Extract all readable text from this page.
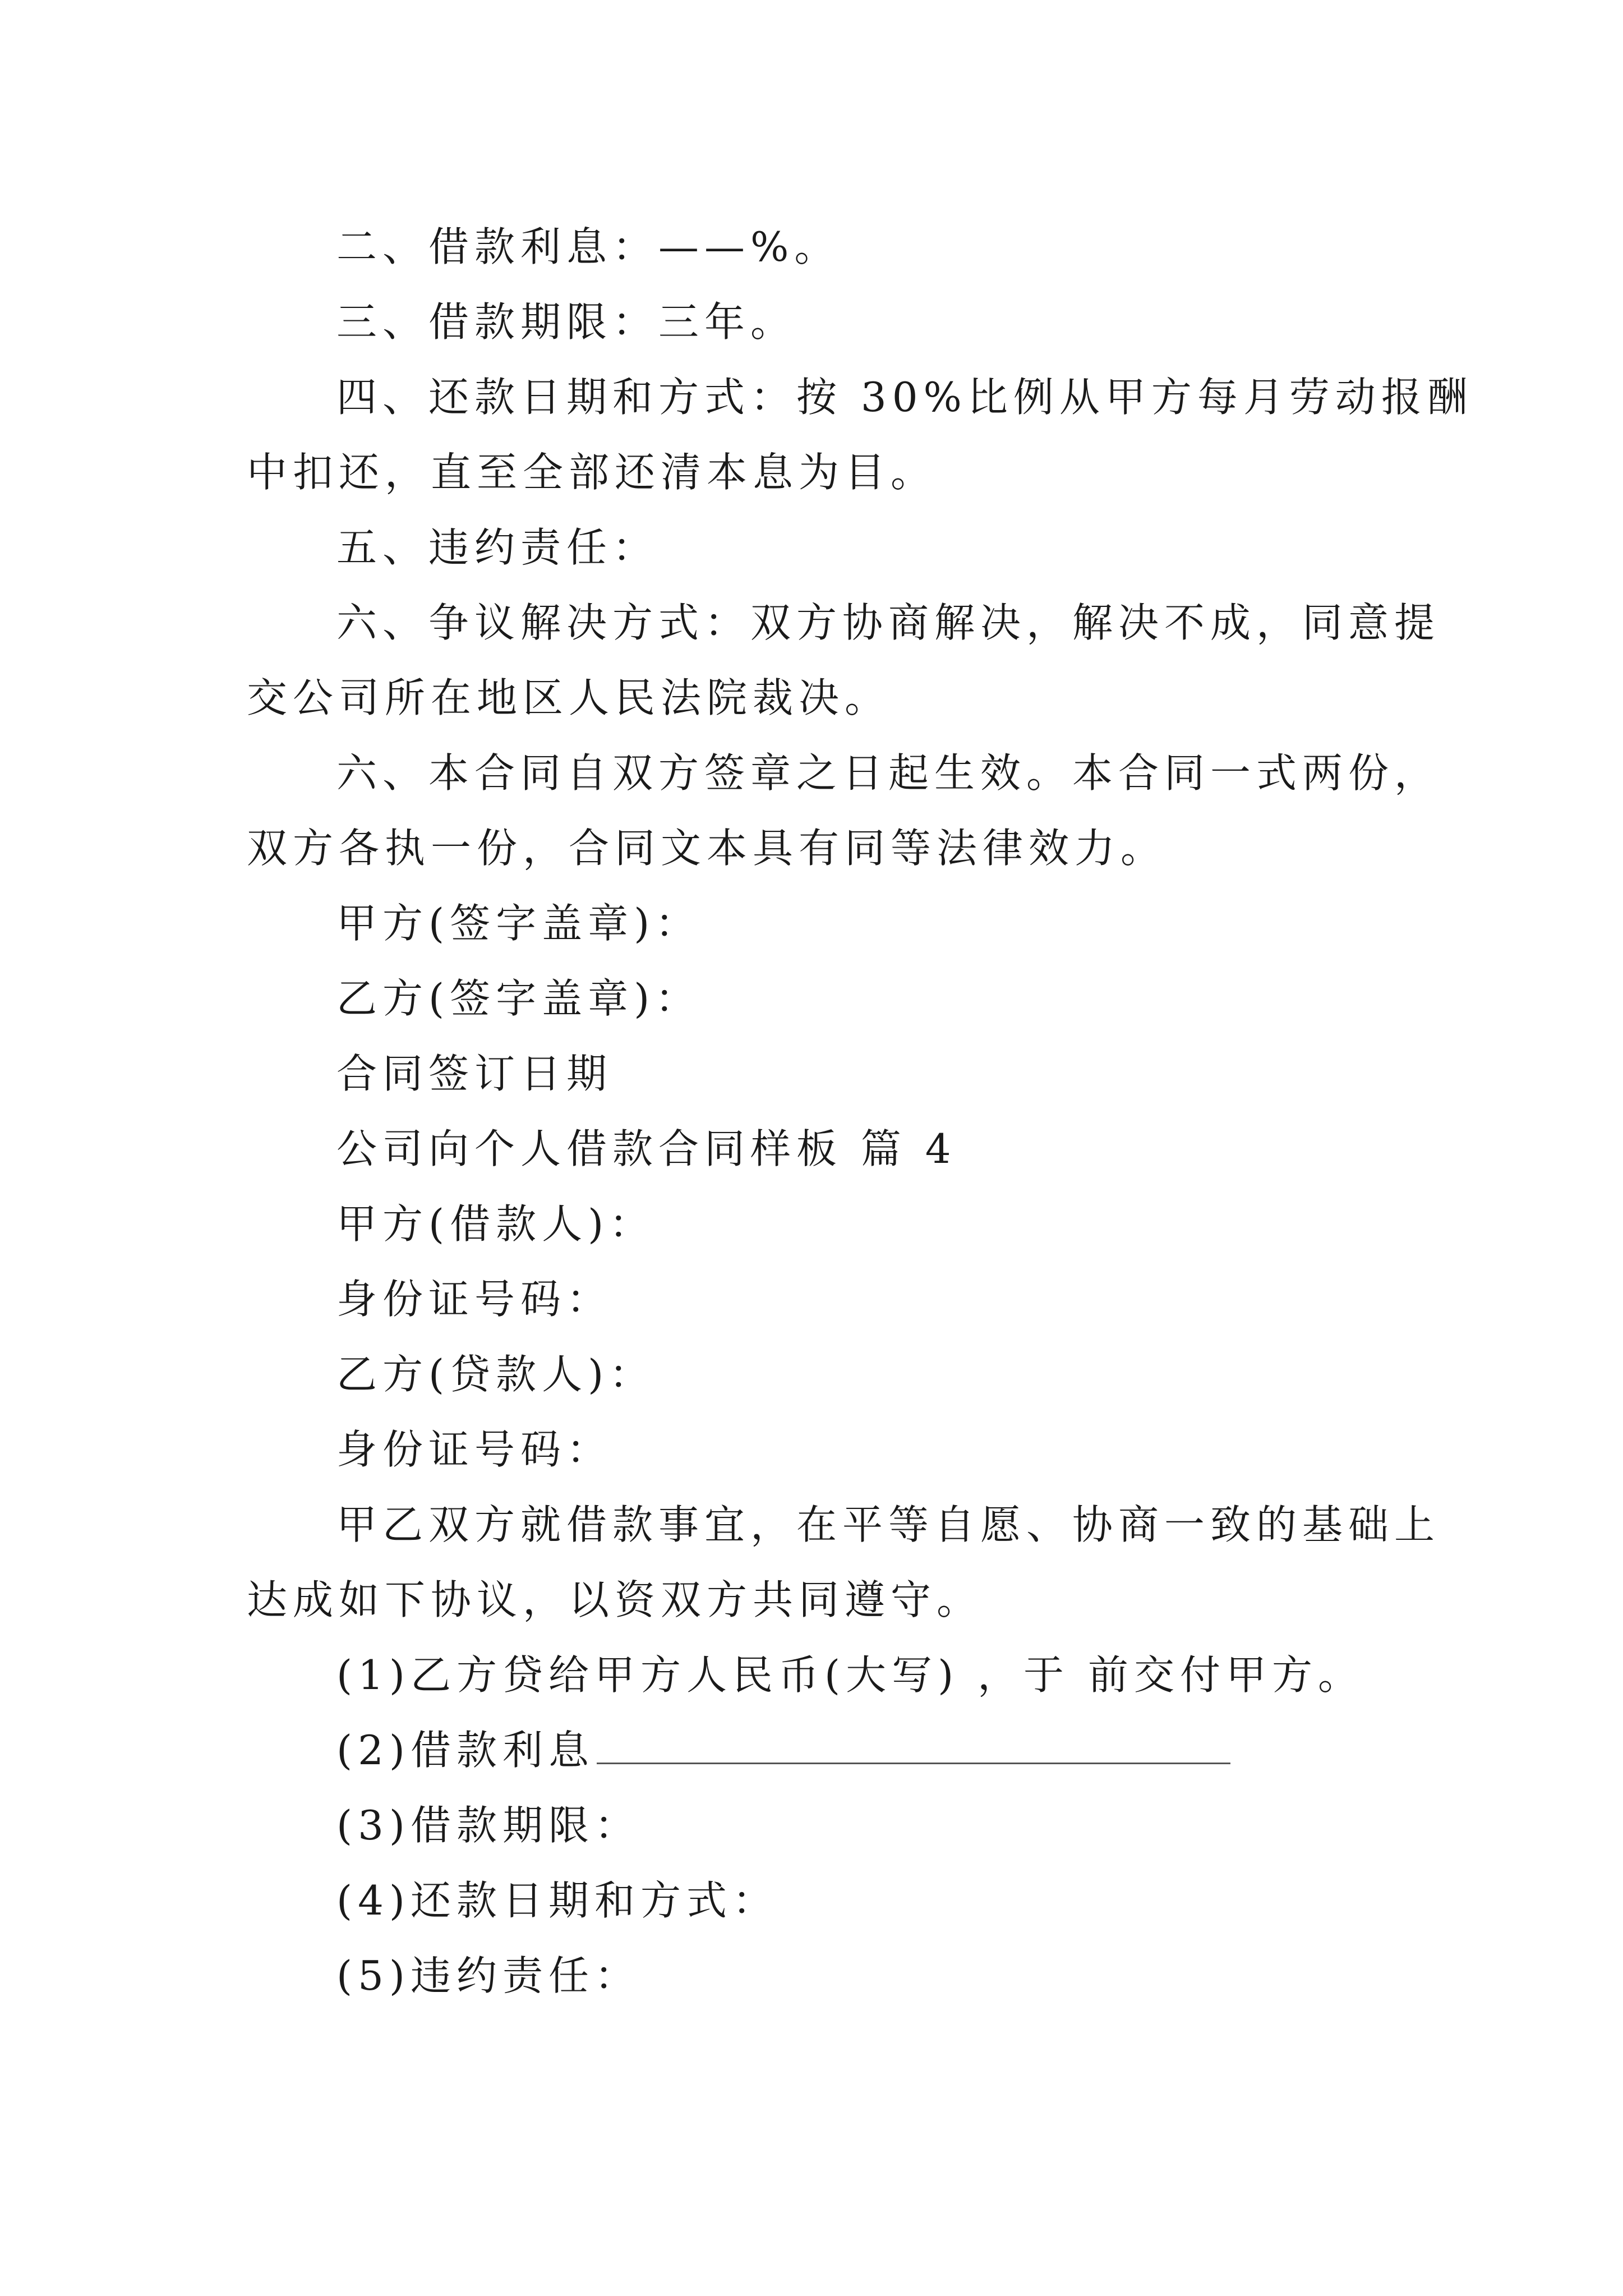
二、借款利息：——%。
三、借款期限：三年。
四、还款日期和方式：按 30%比例从甲方每月劳动报酬
中扣还，直至全部还清本息为目。
五、违约责任：
六、争议解决方式：双方协商解决，解决不成，同意提
交公司所在地区人民法院裁决。
六、本合同自双方签章之日起生效。本合同一式两份，
双方各执一份，合同文本具有同等法律效力。
甲方(签字盖章)：
乙方(签字盖章)：
合同签订日期
公司向个人借款合同样板 篇 4
甲方(借款人)：
身份证号码：
乙方(贷款人)：
身份证号码：
甲乙双方就借款事宜，在平等自愿、协商一致的基础上
达成如下协议，以资双方共同遵守。
(1)乙方贷给甲方人民币(大写) ，于 前交付甲方。
(2)借款利息
(3)借款期限：
(4)还款日期和方式：
(5)违约责任：
